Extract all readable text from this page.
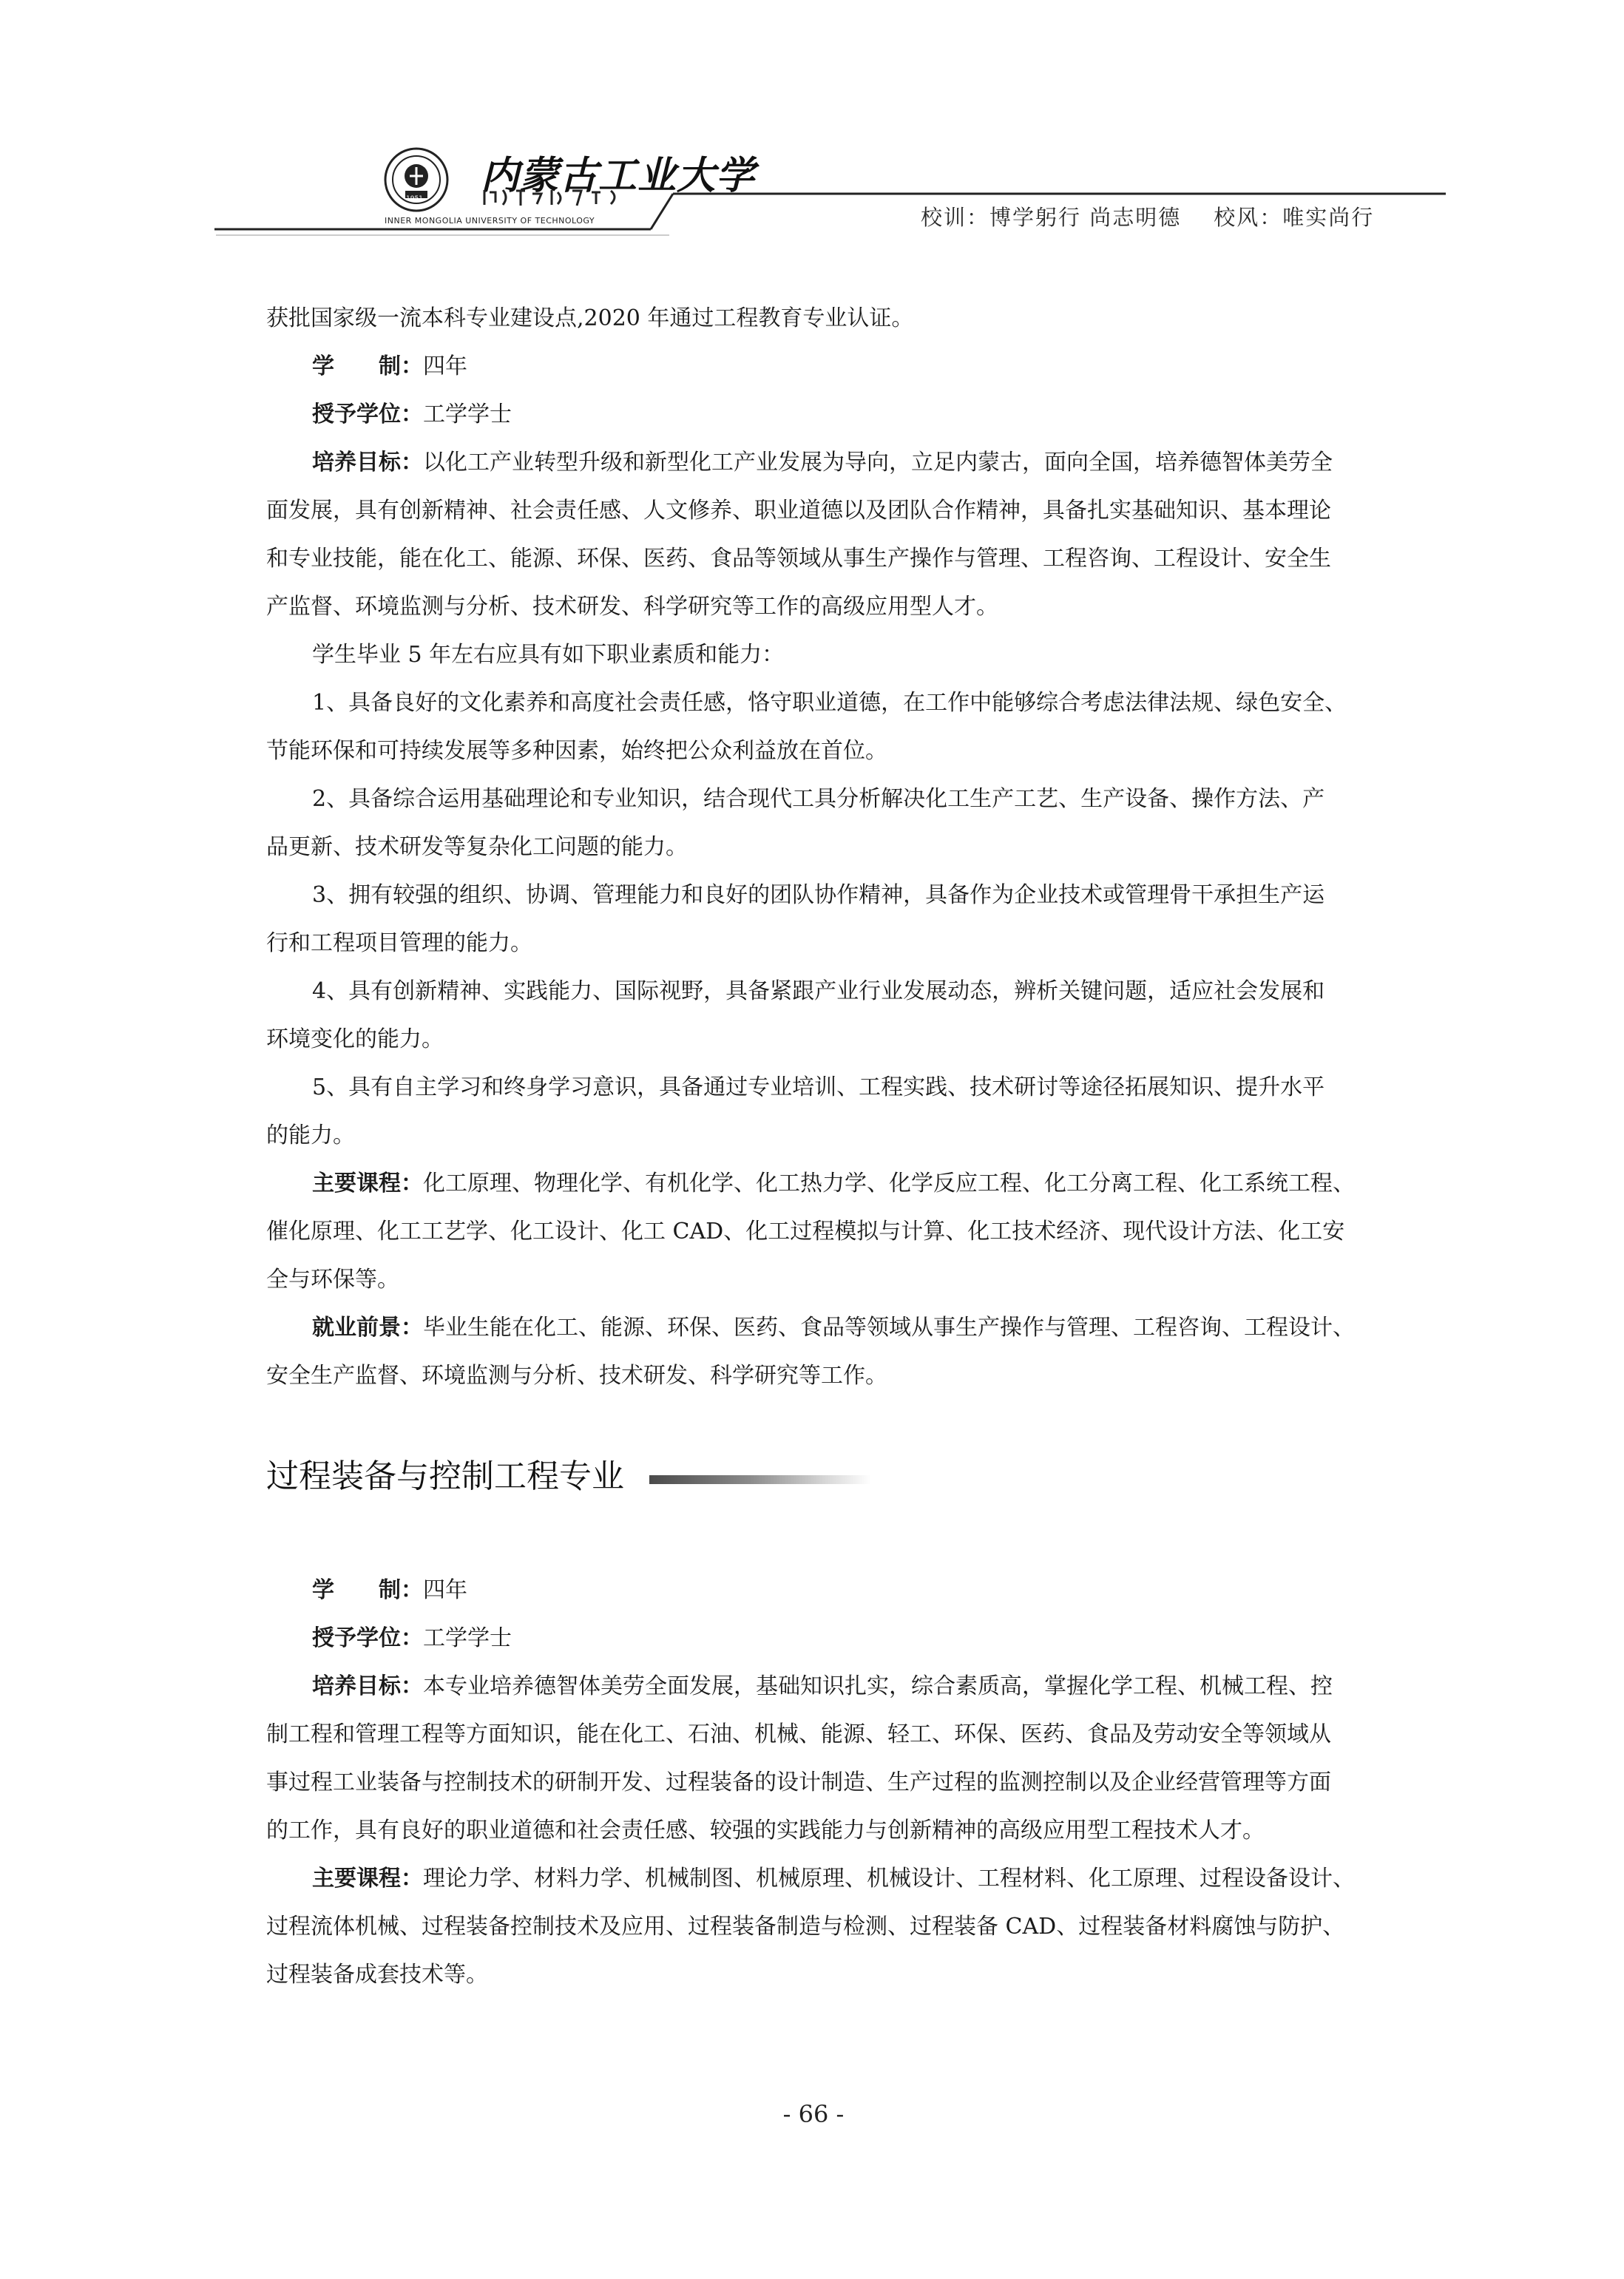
1951
内蒙古工业大学
INNER MONGOLIA UNIVERSITY OF TECHNOLOGY	校训：博学躬行 尚志明德 校风：唯实尚行
获批国家级一流本科专业建设点,2020 年通过工程教育专业认证。
学 制：四年
授予学位：工学学士
培养目标：以化工产业转型升级和新型化工产业发展为导向，立足内蒙古，面向全国，培养德智体美劳全
面发展，具有创新精神、社会责任感、人文修养、职业道德以及团队合作精神，具备扎实基础知识、基本理论
和专业技能，能在化工、能源、环保、医药、食品等领域从事生产操作与管理、工程咨询、工程设计、安全生
产监督、环境监测与分析、技术研发、科学研究等工作的高级应用型人才。
学生毕业 5 年左右应具有如下职业素质和能力：
1、具备良好的文化素养和高度社会责任感，恪守职业道德，在工作中能够综合考虑法律法规、绿色安全、
节能环保和可持续发展等多种因素，始终把公众利益放在首位。
2、具备综合运用基础理论和专业知识，结合现代工具分析解决化工生产工艺、生产设备、操作方法、产
品更新、技术研发等复杂化工问题的能力。
3、拥有较强的组织、协调、管理能力和良好的团队协作精神，具备作为企业技术或管理骨干承担生产运
行和工程项目管理的能力。
4、具有创新精神、实践能力、国际视野，具备紧跟产业行业发展动态，辨析关键问题，适应社会发展和
环境变化的能力。
5、具有自主学习和终身学习意识，具备通过专业培训、工程实践、技术研讨等途径拓展知识、提升水平
的能力。
主要课程：化工原理、物理化学、有机化学、化工热力学、化学反应工程、化工分离工程、化工系统工程、
催化原理、化工工艺学、化工设计、化工 CAD、化工过程模拟与计算、化工技术经济、现代设计方法、化工安
全与环保等。
就业前景：毕业生能在化工、能源、环保、医药、食品等领域从事生产操作与管理、工程咨询、工程设计、
安全生产监督、环境监测与分析、技术研发、科学研究等工作。
过程装备与控制工程专业
学 制：四年
授予学位：工学学士
培养目标：本专业培养德智体美劳全面发展，基础知识扎实，综合素质高，掌握化学工程、机械工程、控
制工程和管理工程等方面知识，能在化工、石油、机械、能源、轻工、环保、医药、食品及劳动安全等领域从
事过程工业装备与控制技术的研制开发、过程装备的设计制造、生产过程的监测控制以及企业经营管理等方面
的工作，具有良好的职业道德和社会责任感、较强的实践能力与创新精神的高级应用型工程技术人才。
主要课程：理论力学、材料力学、机械制图、机械原理、机械设计、工程材料、化工原理、过程设备设计、
过程流体机械、过程装备控制技术及应用、过程装备制造与检测、过程装备 CAD、过程装备材料腐蚀与防护、
过程装备成套技术等。
- 66 -
